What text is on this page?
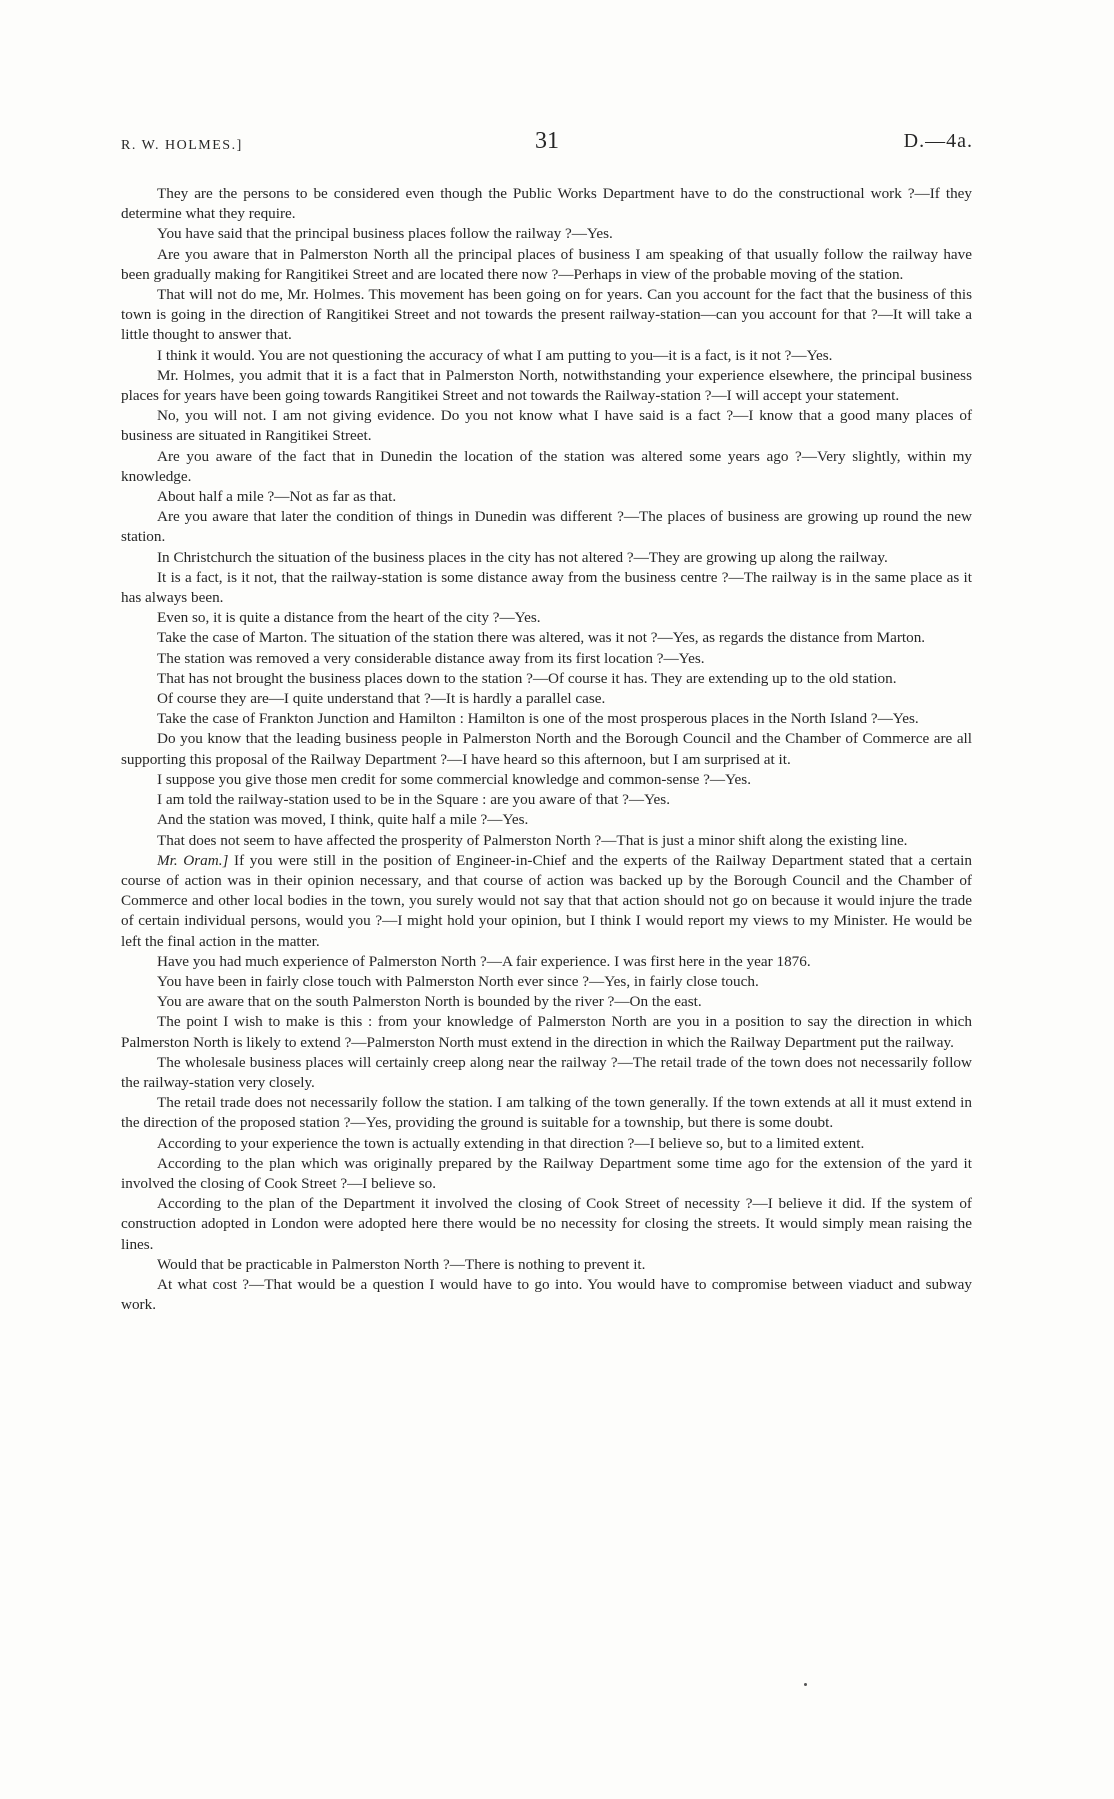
R. W. HOLMES.]	31	D.—4a.

They are the persons to be considered even though the Public Works Department have to do the constructional work ?—If they determine what they require.

You have said that the principal business places follow the railway ?—Yes.

Are you aware that in Palmerston North all the principal places of business I am speaking of that usually follow the railway have been gradually making for Rangitikei Street and are located there now ?—Perhaps in view of the probable moving of the station.

That will not do me, Mr. Holmes. This movement has been going on for years. Can you account for the fact that the business of this town is going in the direction of Rangitikei Street and not towards the present railway-station—can you account for that ?—It will take a little thought to answer that.

I think it would. You are not questioning the accuracy of what I am putting to you—it is a fact, is it not ?—Yes.

Mr. Holmes, you admit that it is a fact that in Palmerston North, notwithstanding your experience elsewhere, the principal business places for years have been going towards Rangitikei Street and not towards the Railway-station ?—I will accept your statement.

No, you will not. I am not giving evidence. Do you not know what I have said is a fact ?—I know that a good many places of business are situated in Rangitikei Street.

Are you aware of the fact that in Dunedin the location of the station was altered some years ago ?—Very slightly, within my knowledge.

About half a mile ?—Not as far as that.

Are you aware that later the condition of things in Dunedin was different ?—The places of business are growing up round the new station.

In Christchurch the situation of the business places in the city has not altered ?—They are growing up along the railway.

It is a fact, is it not, that the railway-station is some distance away from the business centre ?—The railway is in the same place as it has always been.

Even so, it is quite a distance from the heart of the city ?—Yes.

Take the case of Marton. The situation of the station there was altered, was it not ?—Yes, as regards the distance from Marton.

The station was removed a very considerable distance away from its first location ?—Yes.

That has not brought the business places down to the station ?—Of course it has. They are extending up to the old station.

Of course they are—I quite understand that ?—It is hardly a parallel case.

Take the case of Frankton Junction and Hamilton : Hamilton is one of the most prosperous places in the North Island ?—Yes.

Do you know that the leading business people in Palmerston North and the Borough Council and the Chamber of Commerce are all supporting this proposal of the Railway Department ?—I have heard so this afternoon, but I am surprised at it.

I suppose you give those men credit for some commercial knowledge and common-sense ?—Yes.

I am told the railway-station used to be in the Square : are you aware of that ?—Yes.

And the station was moved, I think, quite half a mile ?—Yes.

That does not seem to have affected the prosperity of Palmerston North ?—That is just a minor shift along the existing line.

Mr. Oram.] If you were still in the position of Engineer-in-Chief and the experts of the Railway Department stated that a certain course of action was in their opinion necessary, and that course of action was backed up by the Borough Council and the Chamber of Commerce and other local bodies in the town, you surely would not say that that action should not go on because it would injure the trade of certain individual persons, would you ?—I might hold your opinion, but I think I would report my views to my Minister. He would be left the final action in the matter.

Have you had much experience of Palmerston North ?—A fair experience. I was first here in the year 1876.

You have been in fairly close touch with Palmerston North ever since ?—Yes, in fairly close touch.

You are aware that on the south Palmerston North is bounded by the river ?—On the east.

The point I wish to make is this : from your knowledge of Palmerston North are you in a position to say the direction in which Palmerston North is likely to extend ?—Palmerston North must extend in the direction in which the Railway Department put the railway.

The wholesale business places will certainly creep along near the railway ?—The retail trade of the town does not necessarily follow the railway-station very closely.

The retail trade does not necessarily follow the station. I am talking of the town generally. If the town extends at all it must extend in the direction of the proposed station ?—Yes, providing the ground is suitable for a township, but there is some doubt.

According to your experience the town is actually extending in that direction ?—I believe so, but to a limited extent.

According to the plan which was originally prepared by the Railway Department some time ago for the extension of the yard it involved the closing of Cook Street ?—I believe so.

According to the plan of the Department it involved the closing of Cook Street of necessity ?—I believe it did. If the system of construction adopted in London were adopted here there would be no necessity for closing the streets. It would simply mean raising the lines.

Would that be practicable in Palmerston North ?—There is nothing to prevent it.

At what cost ?—That would be a question I would have to go into. You would have to compromise between viaduct and subway work.
